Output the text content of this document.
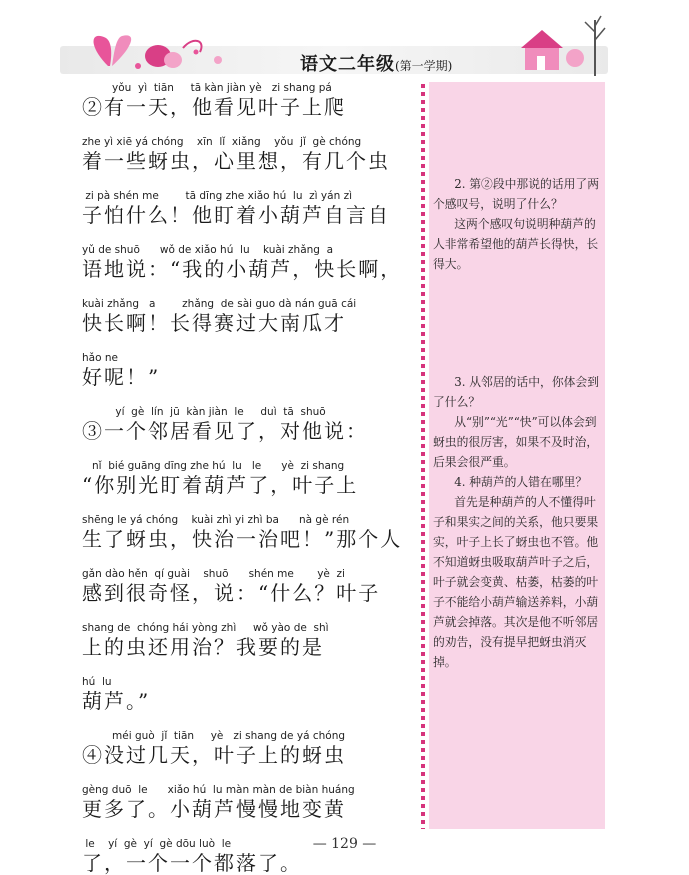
语文二年级(第一学期)
yǒu  yì  tiān     tā kàn jiàn yè   zi shang pá
②有一天，他看见叶子上爬
zhe yì xiē yá chóng    xīn  lǐ  xiǎng    yǒu  jǐ  gè chóng
着一些蚜虫，心里想，有几个虫
zi pà shén me        tā dīng zhe xiǎo hú  lu  zì yán zì
子怕什么！他盯着小葫芦自言自
yǔ de shuō      wǒ de xiǎo hú  lu    kuài zhǎng  a
语地说：“我的小葫芦，快长啊，
kuài zhǎng   a        zhǎng  de sài guo dà nán guā cái
快长啊！长得赛过大南瓜才
hǎo ne
好呢！”
yí  gè  lín  jū  kàn jiàn  le     duì  tā  shuō
③一个邻居看见了，对他说：
nǐ  bié guāng dīng zhe hú  lu   le      yè  zi shang
“你别光盯着葫芦了，叶子上
shēng le yá chóng    kuài zhì yi zhì ba      nà gè rén
生了蚜虫，快治一治吧！”那个人
gǎn dào hěn  qí guài    shuō      shén me       yè  zi
感到很奇怪，说：“什么？叶子
shang de  chóng hái yòng zhì     wǒ yào de  shì
上的虫还用治？我要的是
hú  lu
葫芦。”
méi guò  jǐ  tiān     yè   zi shang de yá chóng
④没过几天，叶子上的蚜虫
gèng duō  le      xiǎo hú  lu màn màn de biàn huáng
更多了。小葫芦慢慢地变黄
le    yí  gè  yí  gè dōu luò  le
了，一个一个都落了。

2. 第②段中那说的话用了两个感叹号，说明了什么？

这两个感叹句说明种葫芦的人非常希望他的葫芦长得快，长得大。

3. 从邻居的话中，你体会到了什么？

从“别”“光”“快”可以体会到蚜虫的很厉害，如果不及时治，后果会很严重。

4. 种葫芦的人错在哪里？

首先是种葫芦的人不懂得叶子和果实之间的关系，他只要果实，叶子上长了蚜虫也不管。他不知道蚜虫吸取葫芦叶子之后，叶子就会变黄、枯萎，枯萎的叶子不能给小葫芦输送养料，小葫芦就会掉落。其次是他不听邻居的劝告，没有提早把蚜虫消灭掉。

— 129 —
